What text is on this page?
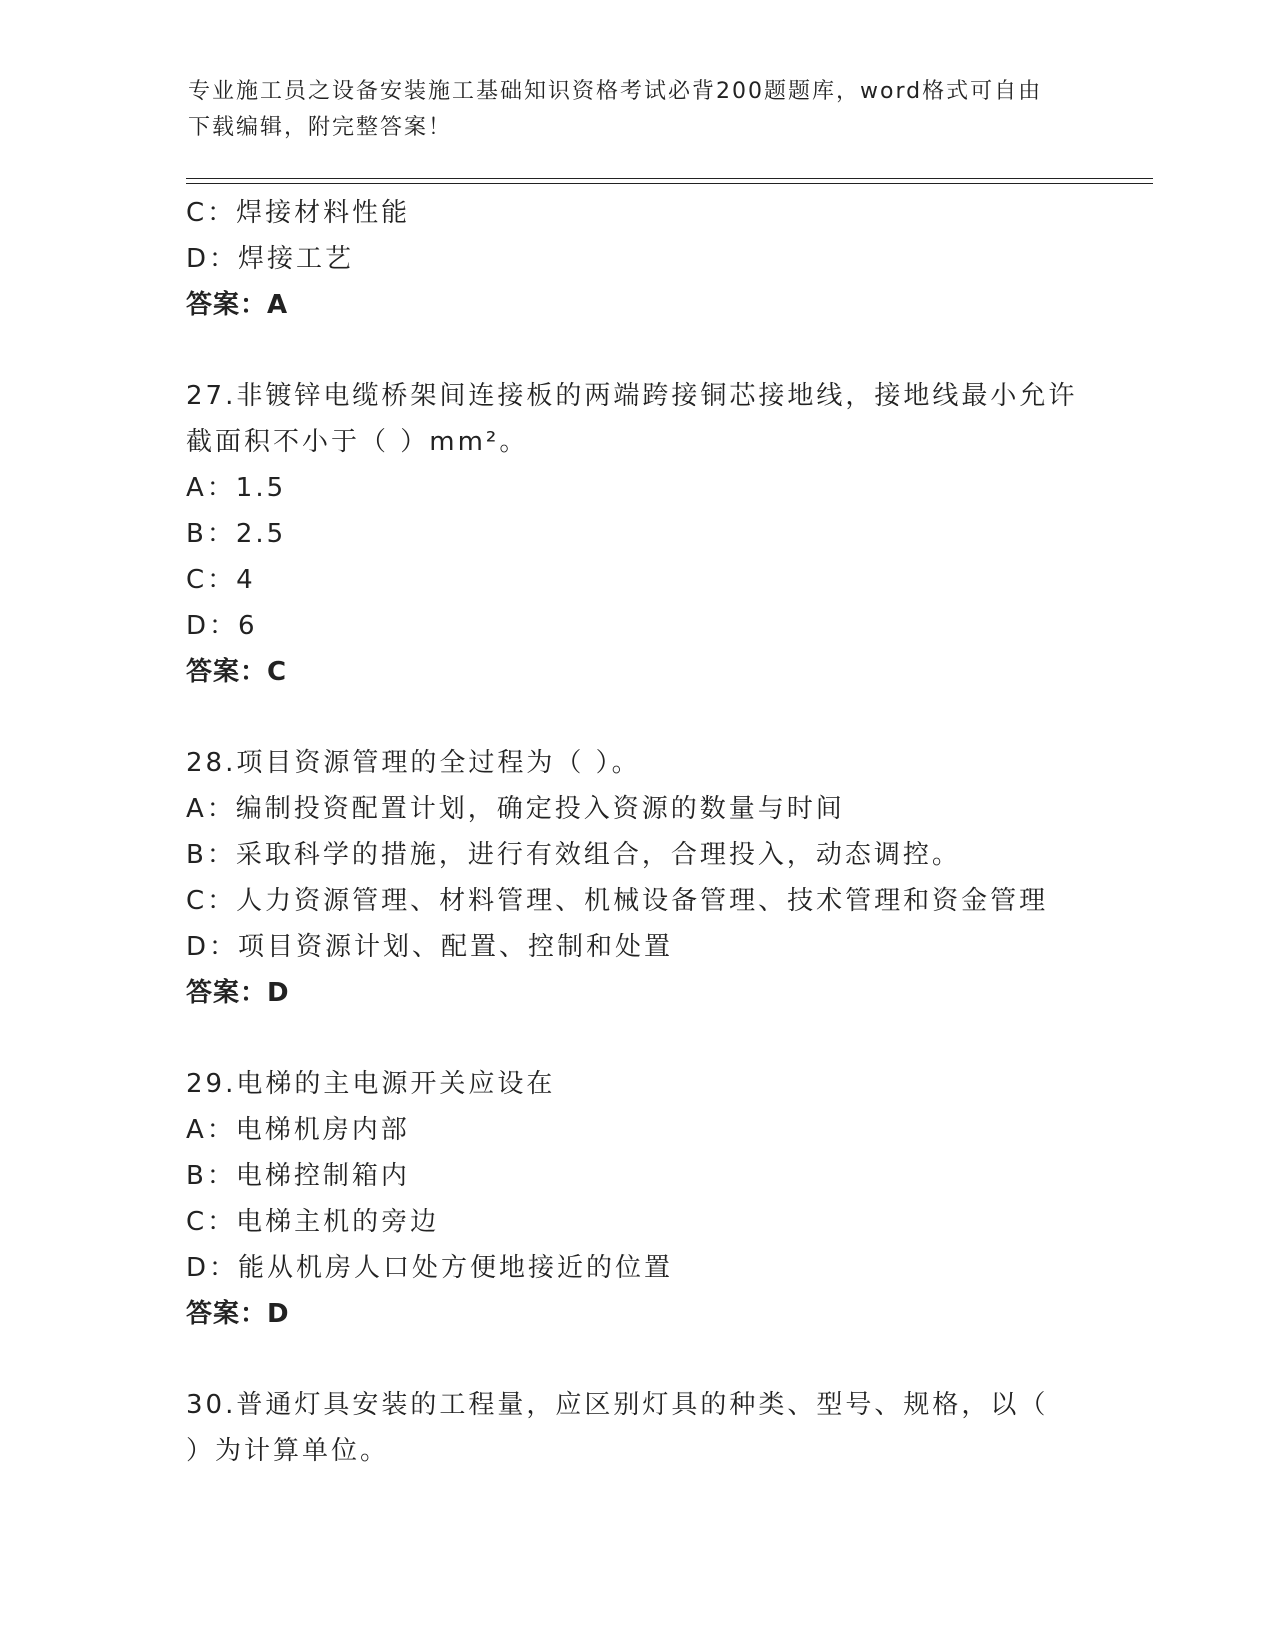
专业施工员之设备安装施工基础知识资格考试必背200题题库，word格式可自由
下载编辑，附完整答案！
C：焊接材料性能
D：焊接工艺
答案：A
27.非镀锌电缆桥架间连接板的两端跨接铜芯接地线，接地线最小允许
截面积不小于（ ）mm²。
A：1.5
B：2.5
C：4
D：6
答案：C
28.项目资源管理的全过程为（ ）。
A：编制投资配置计划，确定投入资源的数量与时间
B：采取科学的措施，进行有效组合，合理投入，动态调控。
C：人力资源管理、材料管理、机械设备管理、技术管理和资金管理
D：项目资源计划、配置、控制和处置
答案：D
29.电梯的主电源开关应设在
A：电梯机房内部
B：电梯控制箱内
C：电梯主机的旁边
D：能从机房人口处方便地接近的位置
答案：D
30.普通灯具安装的工程量，应区别灯具的种类、型号、规格，以（
）为计算单位。
